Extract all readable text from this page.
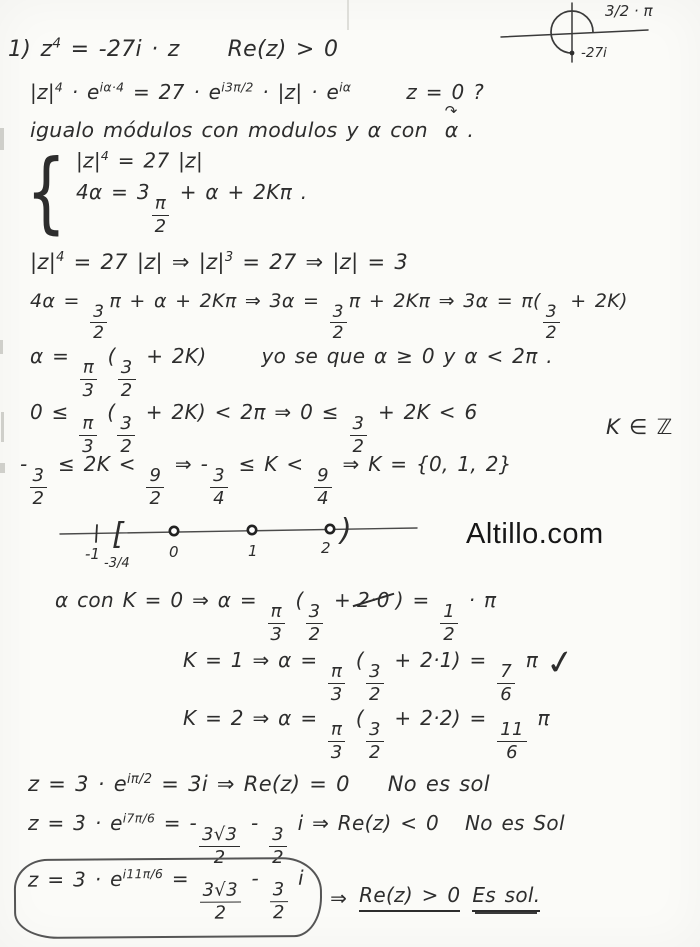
3/2 · π
-27i
1) $z^4 = -27i \cdot z$ Re(z) > 0
$|z|^4 \cdot e^{i\alpha\cdot 4} = 27 \cdot e^{i3\pi/2} \cdot |z| \cdot e^{i\alpha}$	z = 0 ?
igualo módulos con modulos y α con
↷
α .
{ $|z|^4 = 27$ |z|
4α = 3
$\frac{\pi}{2}$
+ α + 2Kπ .
$|z|^4 = 27$ |z| ⇒ $|z|^3 = 27$ ⇒ |z| = 3
4α =
$\frac{3}{2}$
π + α + 2Kπ ⇒ 3α =
$\frac{3}{2}$
π + 2Kπ ⇒ 3α = π(
$\frac{3}{2}$
+ 2K)
α =
$\frac{\pi}{3}$
(
$\frac{3}{2}$
+ 2K)	yo se que α ≥ 0 y α < 2π .
0 ≤
$\frac{\pi}{3}$
(
$\frac{3}{2}$
+ 2K) < 2π ⇒ 0 ≤
$\frac{3}{2}$
+ 2K < 6
K ∈ ℤ
-
$\frac{3}{2}$
≤ 2K <
$\frac{9}{2}$
⇒ -
$\frac{3}{4}$
≤ K <
$\frac{9}{4}$
⇒ K = {0, 1, 2}
[	)
-1
-3/4
0	1	2	Altillo.com
α con K = 0 ⇒ α =
$\frac{\pi}{3}$
(
$\frac{3}{2}$
+ 2·0 ) =
$\frac{1}{2}$
· π
K = 1 ⇒ α =
$\frac{\pi}{3}$
(
$\frac{3}{2}$
+ 2·1) =
$\frac{7}{6}$
π ✓
K = 2 ⇒ α =
$\frac{\pi}{3}$
(
$\frac{3}{2}$
+ 2·2) =
$\frac{11}{6}$
π
$z = 3 \cdot e^{i\pi/2} = 3i$ ⇒ Re(z) = 0 No es sol
$z = 3 \cdot e^{i7\pi/6}$ = -
$\frac{3√3}{2}$
-
$\frac{3}{2}$
i ⇒ Re(z) < 0 No es Sol
$z = 3 \cdot e^{i11\pi/6}$ =
$\frac{3√3}{2}$
-
$\frac{3}{2}$
i
⇒ Re(z) > 0 Es sol.
